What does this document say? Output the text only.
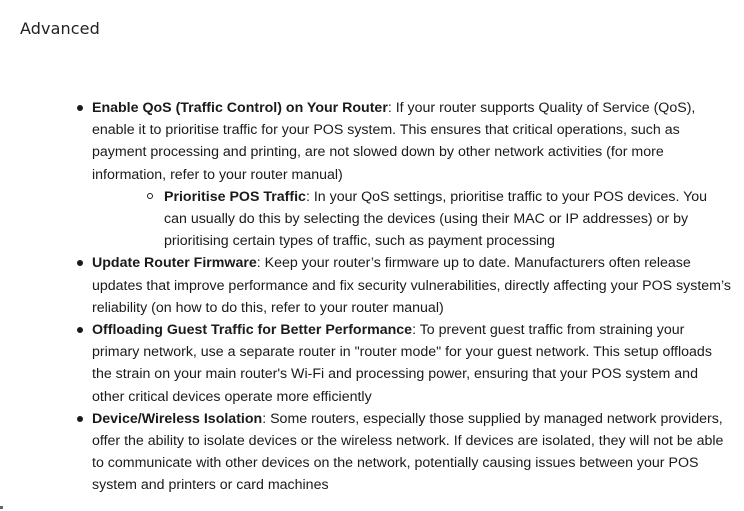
Advanced
Enable QoS (Traffic Control) on Your Router: If your router supports Quality of Service (QoS), enable it to prioritise traffic for your POS system. This ensures that critical operations, such as payment processing and printing, are not slowed down by other network activities (for more information, refer to your router manual)
Prioritise POS Traffic: In your QoS settings, prioritise traffic to your POS devices. You can usually do this by selecting the devices (using their MAC or IP addresses) or by prioritising certain types of traffic, such as payment processing
Update Router Firmware: Keep your router’s firmware up to date. Manufacturers often release updates that improve performance and fix security vulnerabilities, directly affecting your POS system’s reliability (on how to do this, refer to your router manual)
Offloading Guest Traffic for Better Performance: To prevent guest traffic from straining your primary network, use a separate router in "router mode" for your guest network. This setup offloads the strain on your main router's Wi-Fi and processing power, ensuring that your POS system and other critical devices operate more efficiently
Device/Wireless Isolation: Some routers, especially those supplied by managed network providers, offer the ability to isolate devices or the wireless network. If devices are isolated, they will not be able to communicate with other devices on the network, potentially causing issues between your POS system and printers or card machines
